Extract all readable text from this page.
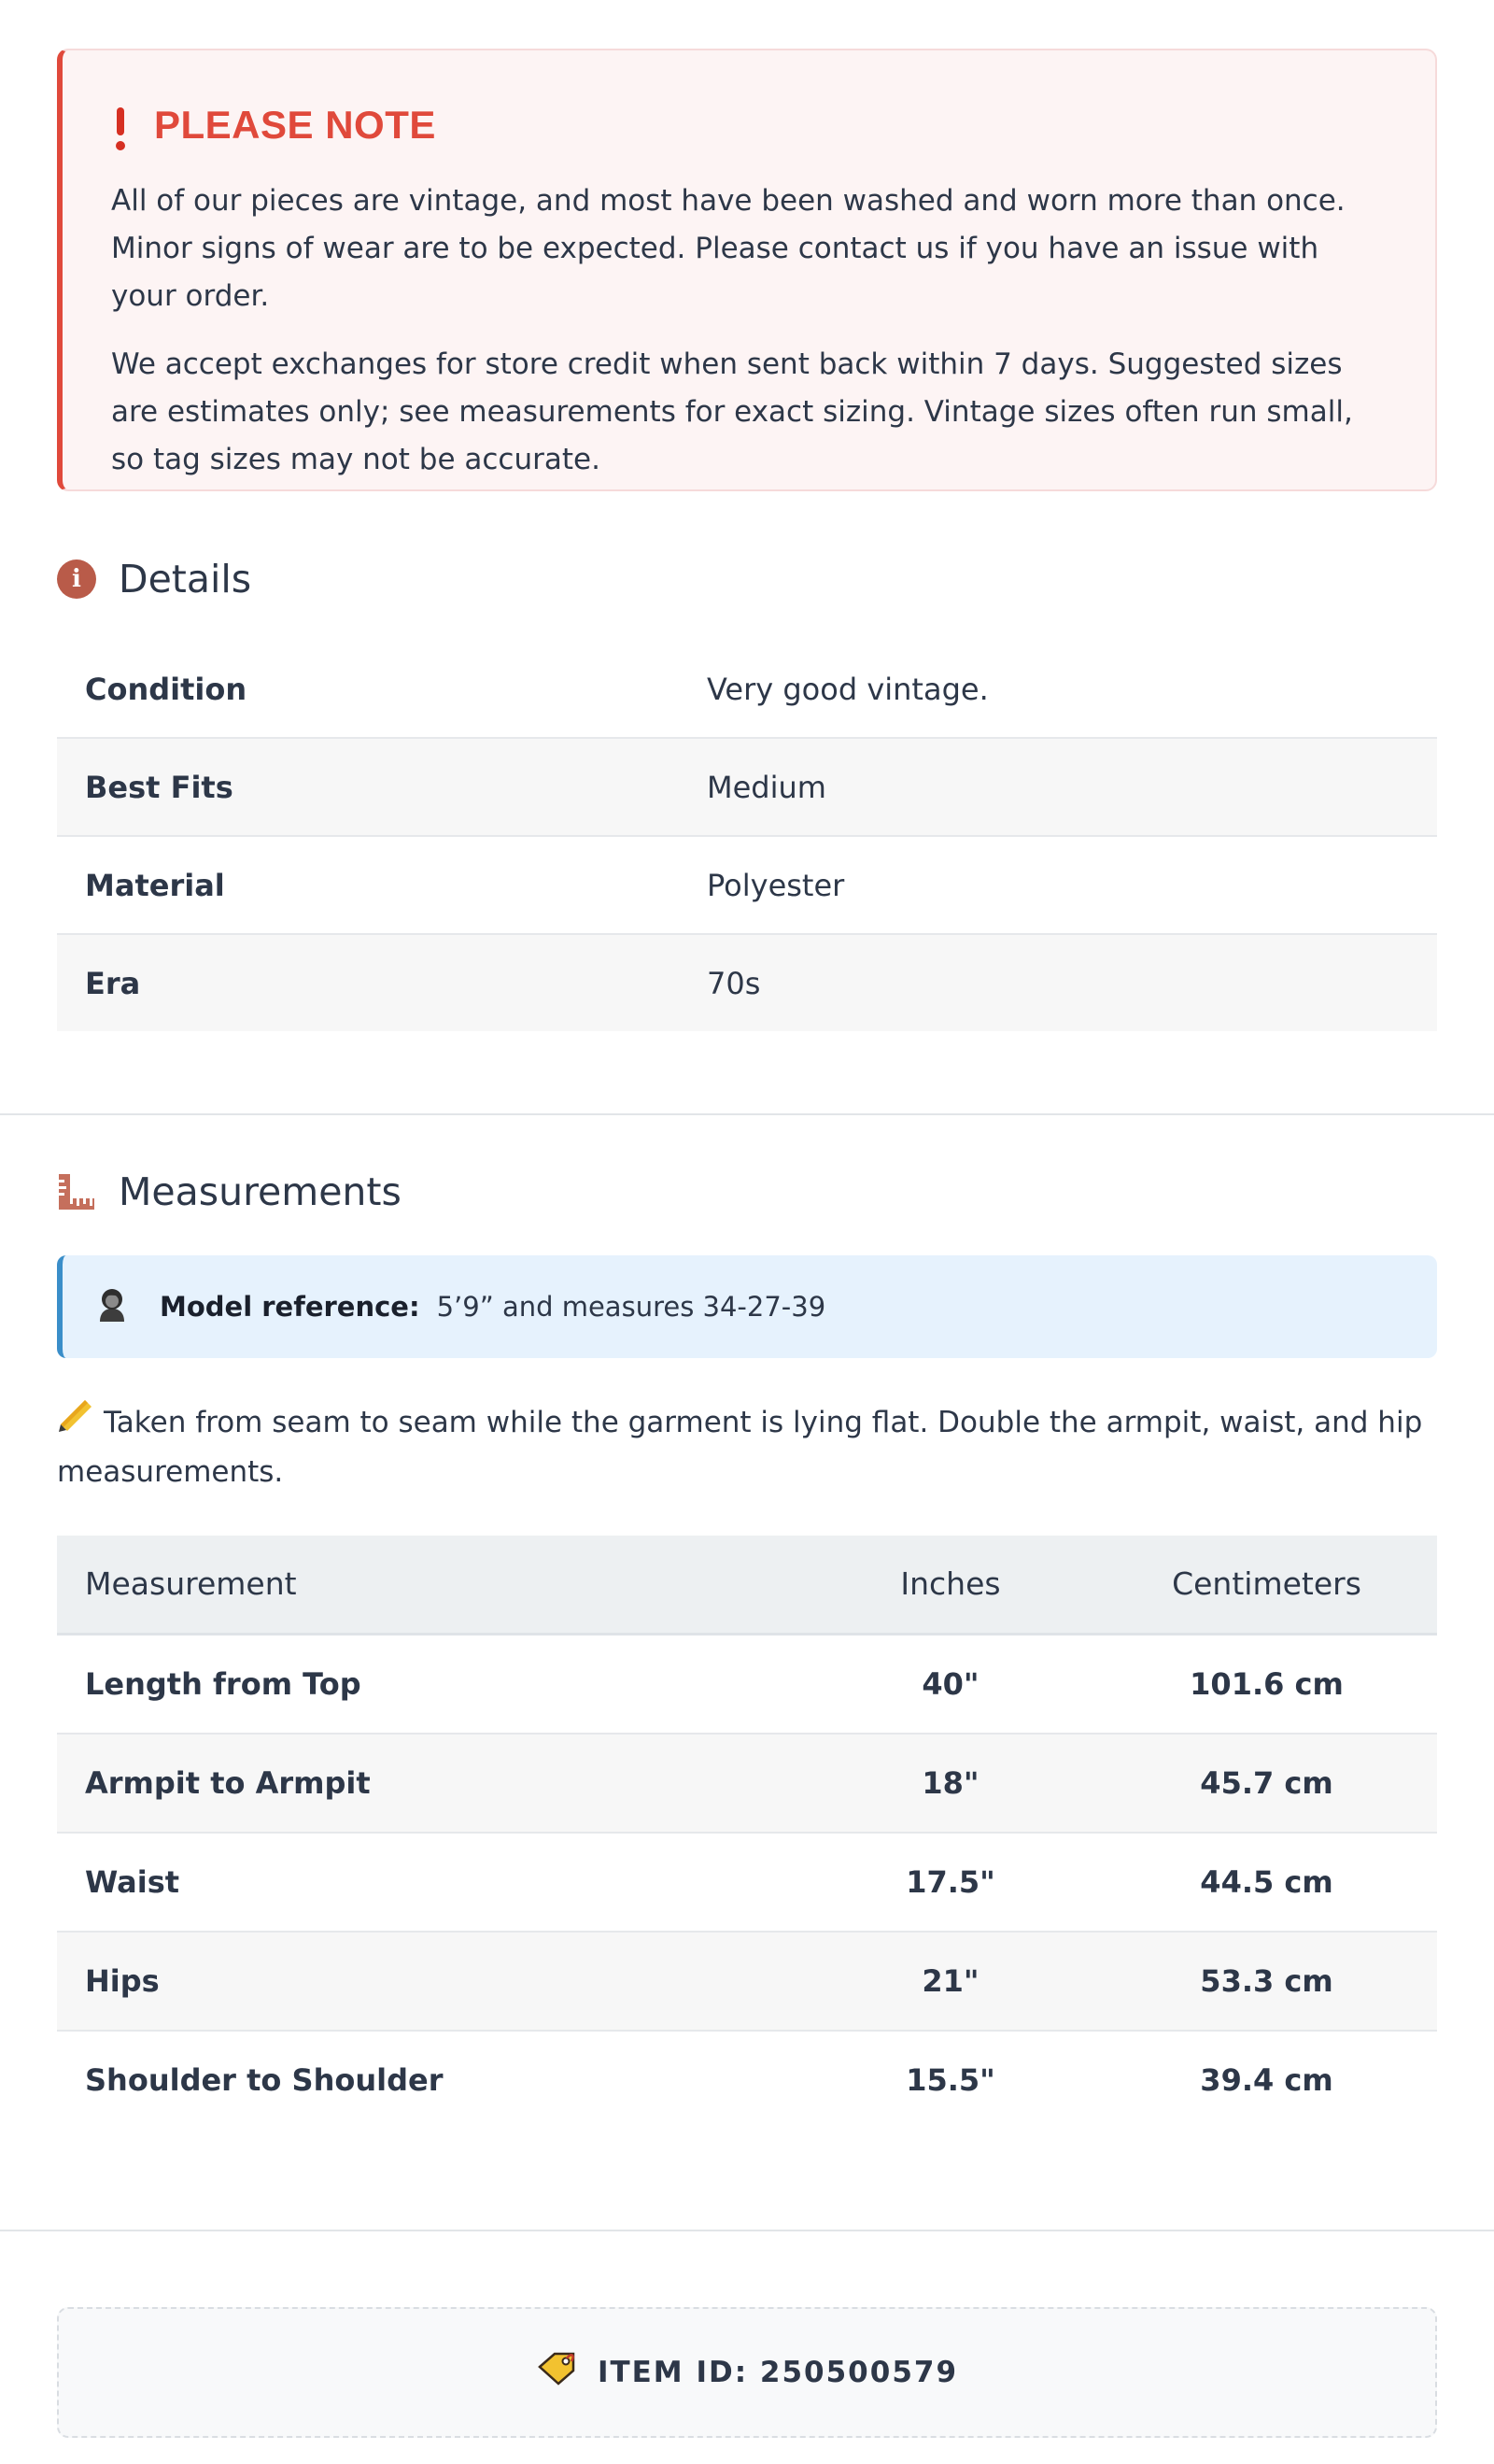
PLEASE NOTE

All of our pieces are vintage, and most have been washed and worn more than once. Minor signs of wear are to be expected. Please contact us if you have an issue with your order.

We accept exchanges for store credit when sent back within 7 days. Suggested sizes are estimates only; see measurements for exact sizing. Vintage sizes often run small, so tag sizes may not be accurate.

i Details
Condition	Very good vintage.
Best Fits	Medium
Material	Polyester
Era	70s
Measurements
Model reference: 5’9” and measures 34-27-39
Taken from seam to seam while the garment is lying flat. Double the armpit, waist, and hip measurements.
Measurement	Inches	Centimeters
Length from Top	40"	101.6 cm
Armpit to Armpit	18"	45.7 cm
Waist	17.5"	44.5 cm
Hips	21"	53.3 cm
Shoulder to Shoulder	15.5"	39.4 cm
ITEM ID: 250500579
